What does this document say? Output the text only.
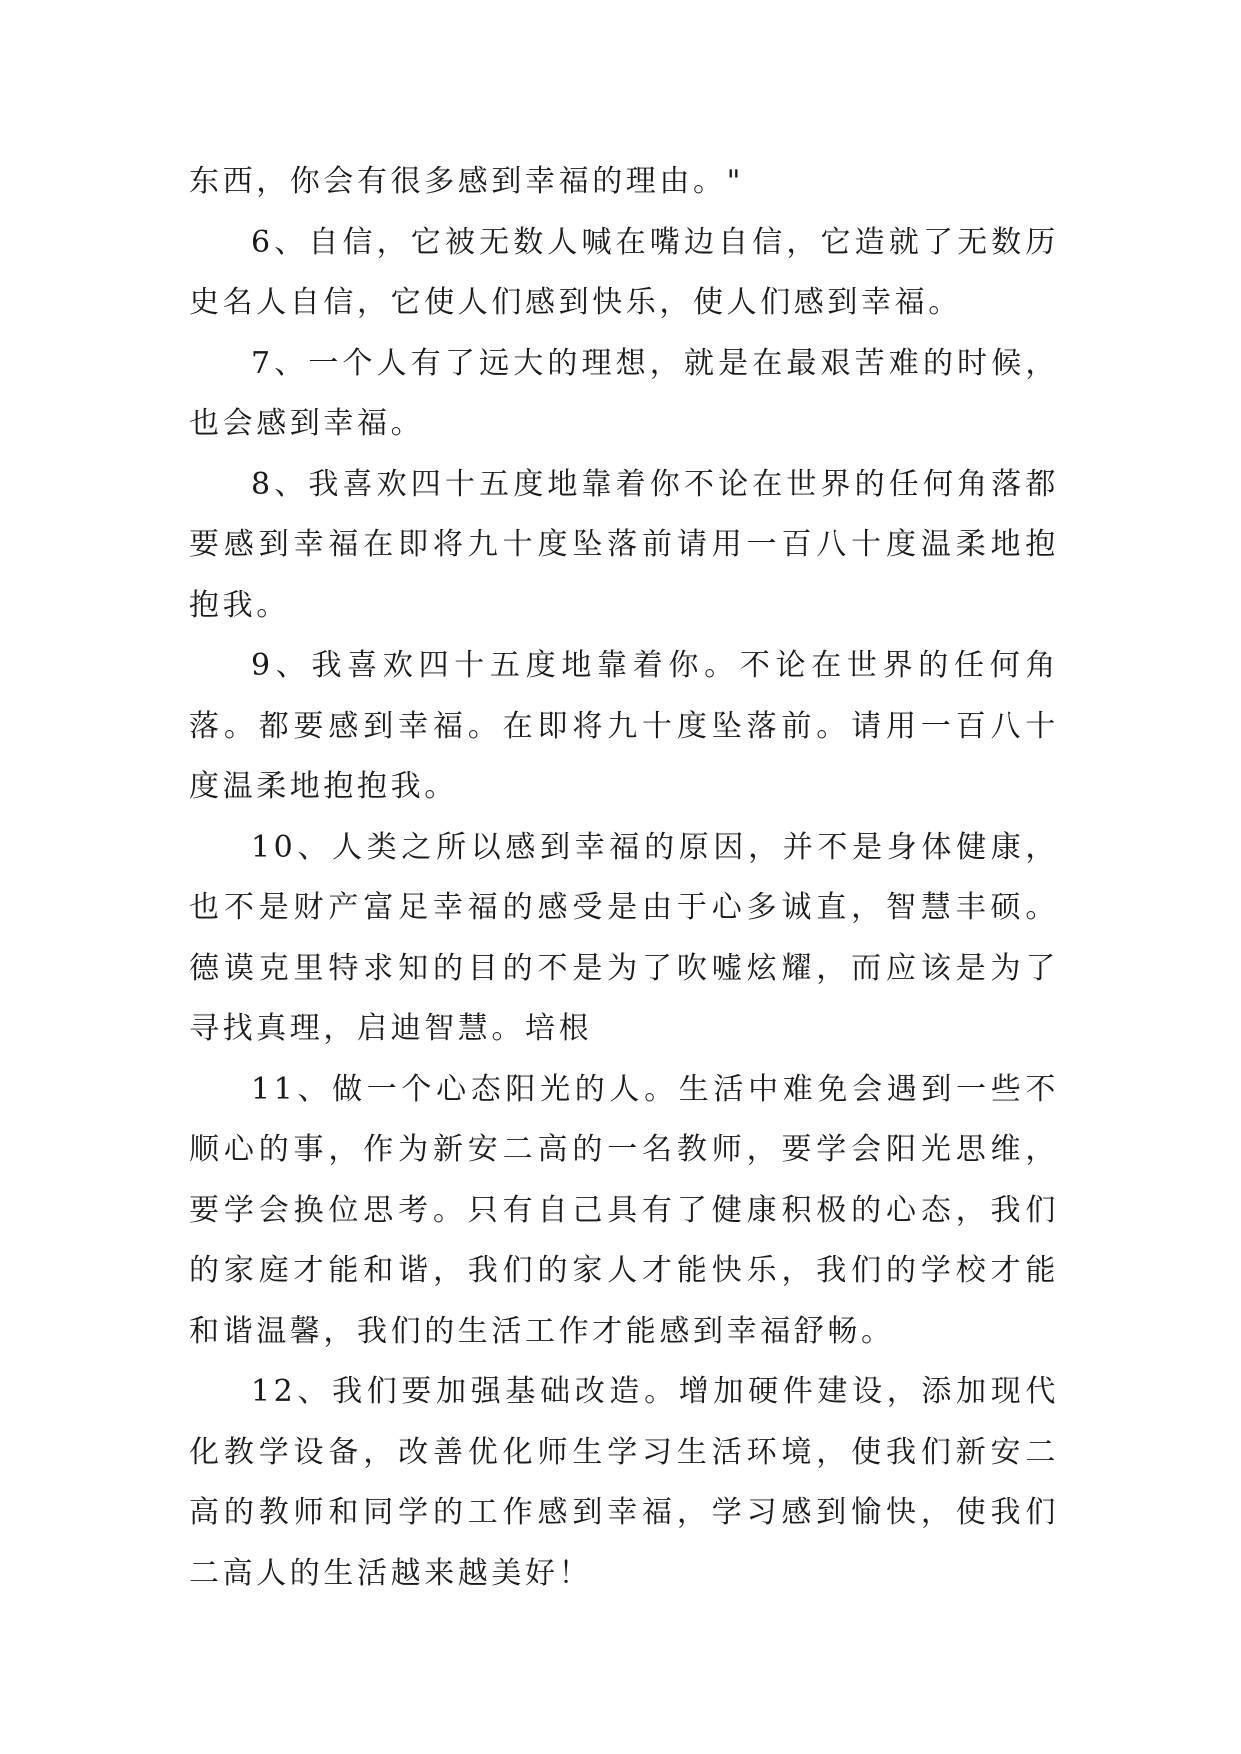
东西，你会有很多感到幸福的理由。"

6、自信，它被无数人喊在嘴边自信，它造就了无数历史名人自信，它使人们感到快乐，使人们感到幸福。

7、一个人有了远大的理想，就是在最艰苦难的时候，也会感到幸福。

8、我喜欢四十五度地靠着你不论在世界的任何角落都要感到幸福在即将九十度坠落前请用一百八十度温柔地抱抱我。

9、我喜欢四十五度地靠着你。不论在世界的任何角落。都要感到幸福。在即将九十度坠落前。请用一百八十度温柔地抱抱我。

10、人类之所以感到幸福的原因，并不是身体健康，也不是财产富足幸福的感受是由于心多诚直，智慧丰硕。德谟克里特求知的目的不是为了吹嘘炫耀，而应该是为了寻找真理，启迪智慧。培根

11、做一个心态阳光的人。生活中难免会遇到一些不顺心的事，作为新安二高的一名教师，要学会阳光思维，要学会换位思考。只有自己具有了健康积极的心态，我们的家庭才能和谐，我们的家人才能快乐，我们的学校才能和谐温馨，我们的生活工作才能感到幸福舒畅。

12、我们要加强基础改造。增加硬件建设，添加现代化教学设备，改善优化师生学习生活环境，使我们新安二高的教师和同学的工作感到幸福，学习感到愉快，使我们二高人的生活越来越美好！
